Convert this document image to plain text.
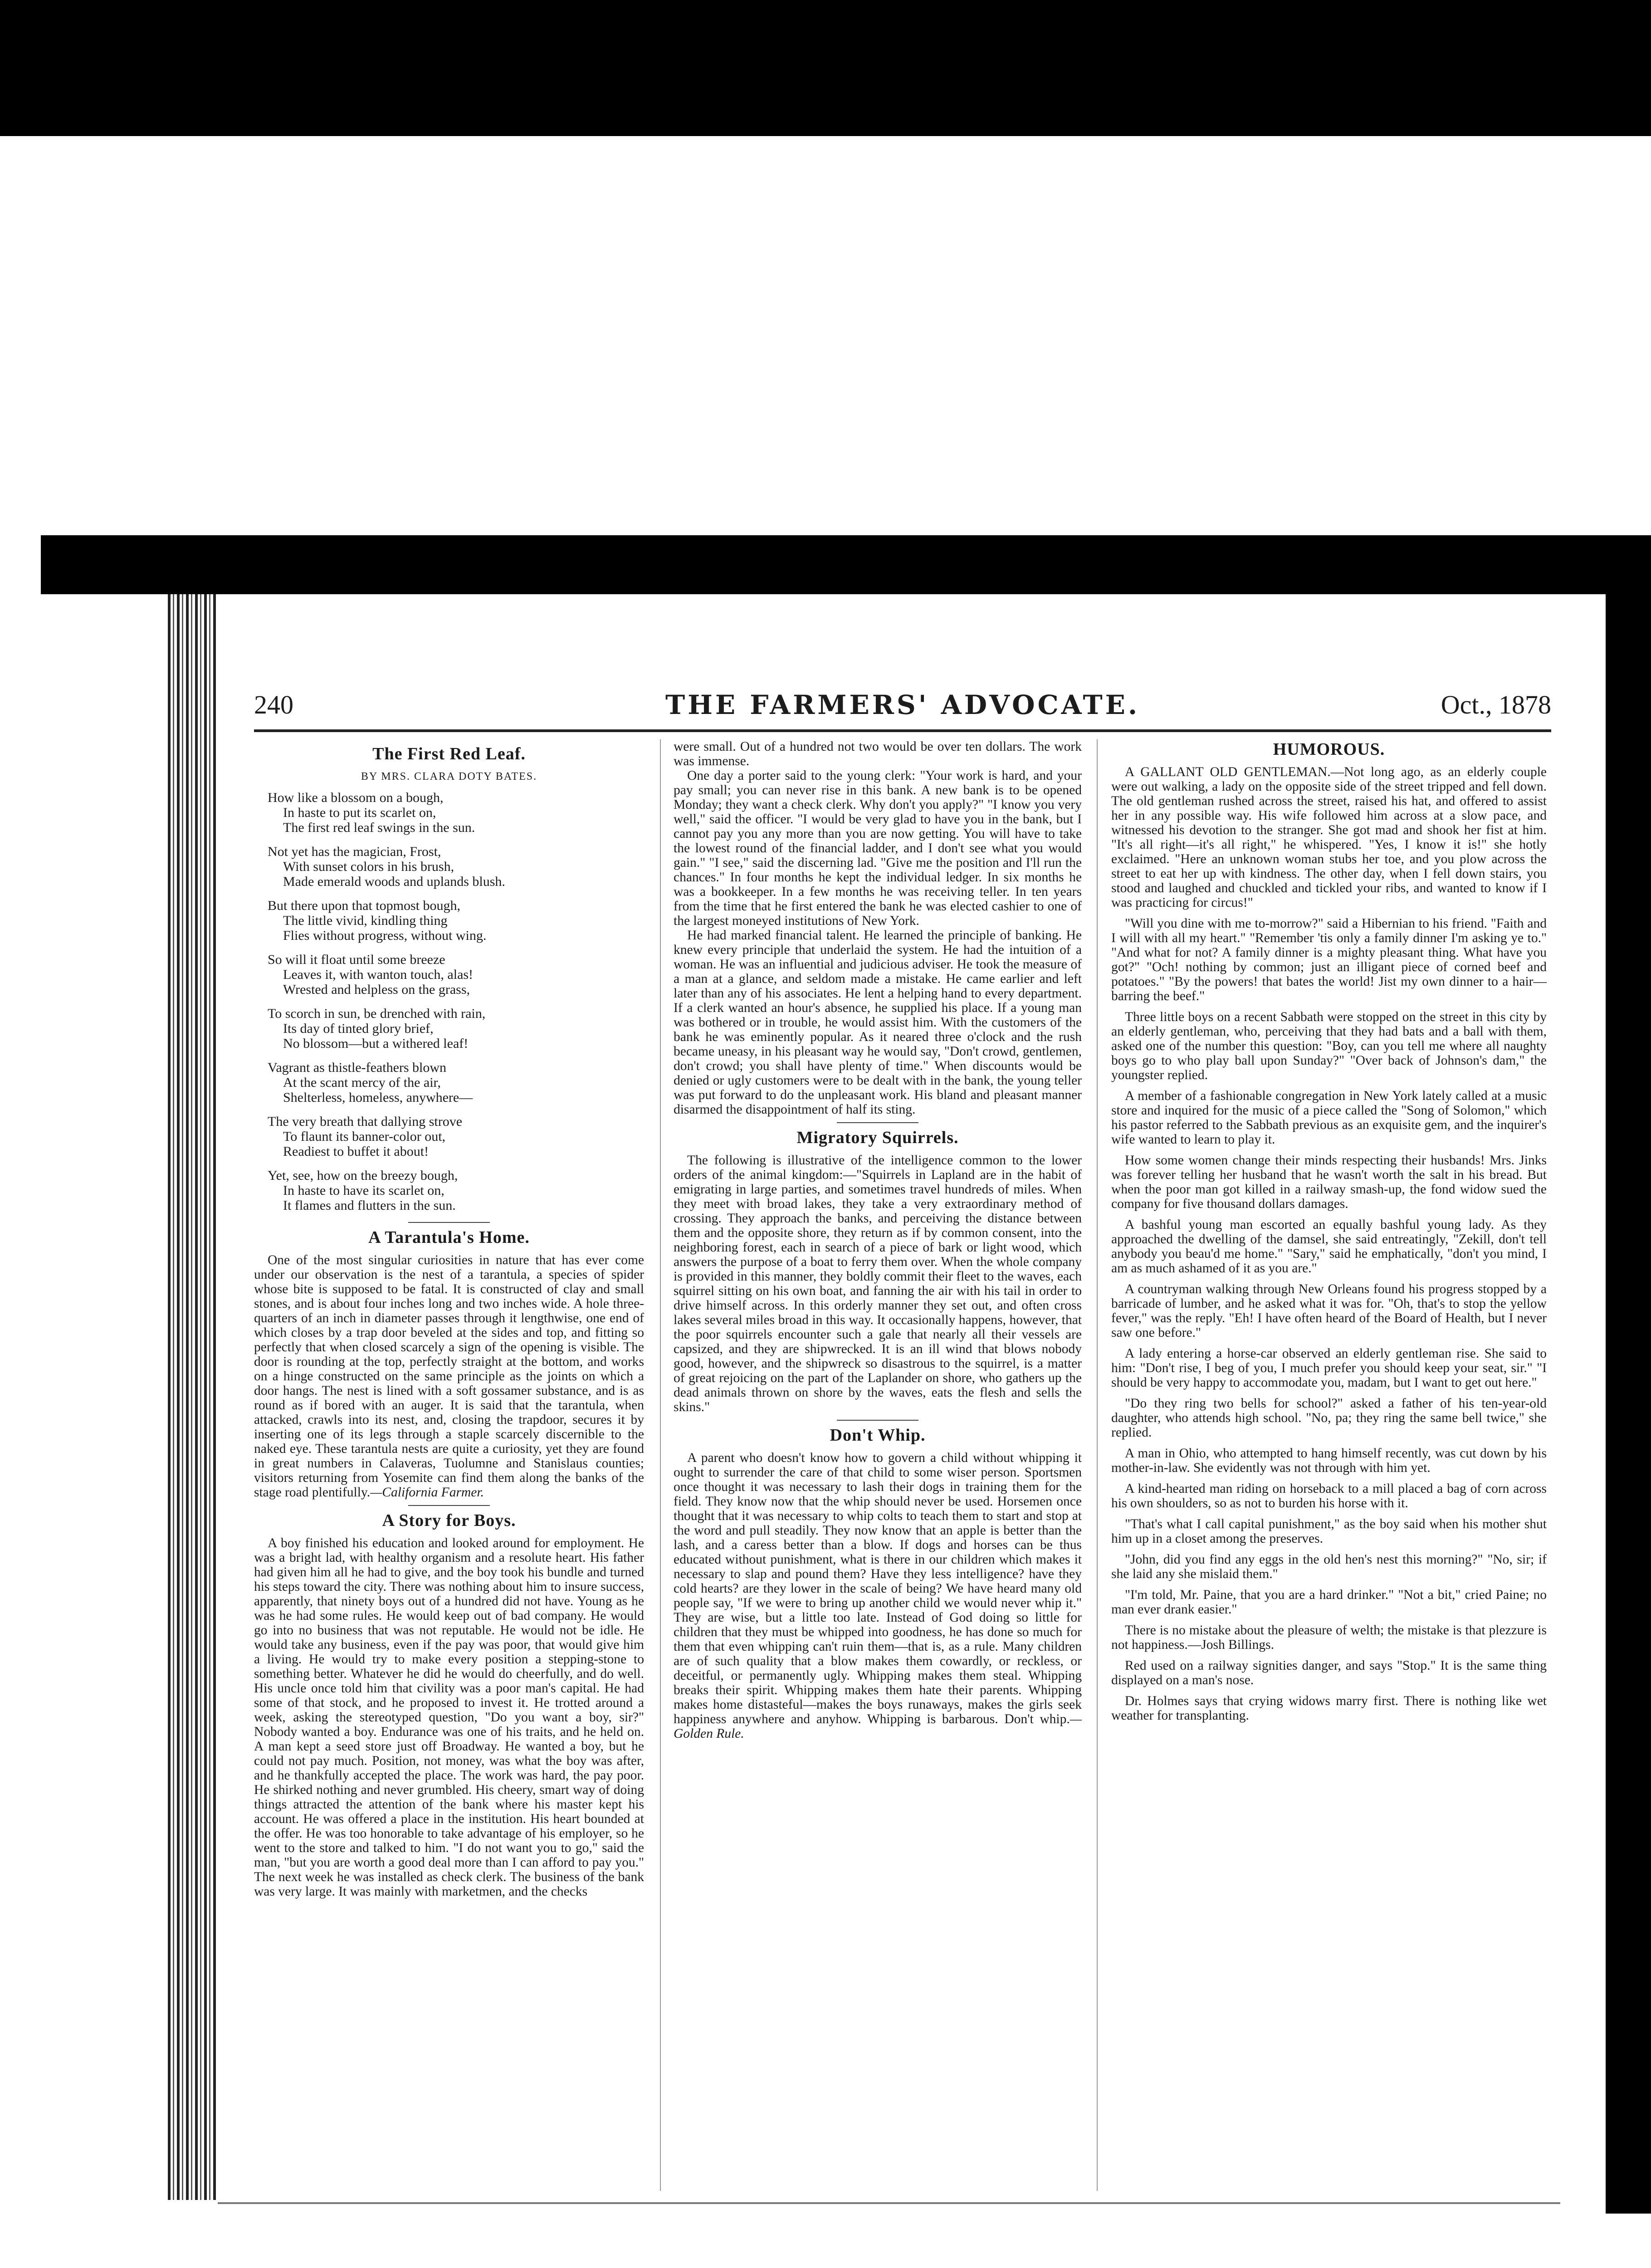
240	THE FARMERS' ADVOCATE.	Oct., 1878
The First Red Leaf.
BY MRS. CLARA DOTY BATES.
How like a blossom on a bough,
In haste to put its scarlet on,
The first red leaf swings in the sun.
Not yet has the magician, Frost,
With sunset colors in his brush,
Made emerald woods and uplands blush.
But there upon that topmost bough,
The little vivid, kindling thing
Flies without progress, without wing.
So will it float until some breeze
Leaves it, with wanton touch, alas!
Wrested and helpless on the grass,
To scorch in sun, be drenched with rain,
Its day of tinted glory brief,
No blossom—but a withered leaf!
Vagrant as thistle-feathers blown
At the scant mercy of the air,
Shelterless, homeless, anywhere—
The very breath that dallying strove
To flaunt its banner-color out,
Readiest to buffet it about!
Yet, see, how on the breezy bough,
In haste to have its scarlet on,
It flames and flutters in the sun.
A Tarantula's Home.

One of the most singular curiosities in nature that has ever come under our observation is the nest of a tarantula, a species of spider whose bite is supposed to be fatal. It is constructed of clay and small stones, and is about four inches long and two inches wide. A hole three-quarters of an inch in diameter passes through it lengthwise, one end of which closes by a trap door beveled at the sides and top, and fitting so perfectly that when closed scarcely a sign of the opening is visible. The door is rounding at the top, perfectly straight at the bottom, and works on a hinge constructed on the same principle as the joints on which a door hangs. The nest is lined with a soft gossamer substance, and is as round as if bored with an auger. It is said that the tarantula, when attacked, crawls into its nest, and, closing the trapdoor, secures it by inserting one of its legs through a staple scarcely discernible to the naked eye. These tarantula nests are quite a curiosity, yet they are found in great numbers in Calaveras, Tuolumne and Stanislaus counties; visitors returning from Yosemite can find them along the banks of the stage road plentifully.—California Farmer.

A Story for Boys.

A boy finished his education and looked around for employment. He was a bright lad, with healthy organism and a resolute heart. His father had given him all he had to give, and the boy took his bundle and turned his steps toward the city. There was nothing about him to insure success, apparently, that ninety boys out of a hundred did not have. Young as he was he had some rules. He would keep out of bad company. He would go into no business that was not reputable. He would not be idle. He would take any business, even if the pay was poor, that would give him a living. He would try to make every position a stepping-stone to something better. Whatever he did he would do cheerfully, and do well. His uncle once told him that civility was a poor man's capital. He had some of that stock, and he proposed to invest it. He trotted around a week, asking the stereotyped question, "Do you want a boy, sir?" Nobody wanted a boy. Endurance was one of his traits, and he held on. A man kept a seed store just off Broadway. He wanted a boy, but he could not pay much. Position, not money, was what the boy was after, and he thankfully accepted the place. The work was hard, the pay poor. He shirked nothing and never grumbled. His cheery, smart way of doing things attracted the attention of the bank where his master kept his account. He was offered a place in the institution. His heart bounded at the offer. He was too honorable to take advantage of his employer, so he went to the store and talked to him. "I do not want you to go," said the man, "but you are worth a good deal more than I can afford to pay you." The next week he was installed as check clerk. The business of the bank was very large. It was mainly with marketmen, and the checks

were small. Out of a hundred not two would be over ten dollars. The work was immense.

One day a porter said to the young clerk: "Your work is hard, and your pay small; you can never rise in this bank. A new bank is to be opened Monday; they want a check clerk. Why don't you apply?" "I know you very well," said the officer. "I would be very glad to have you in the bank, but I cannot pay you any more than you are now getting. You will have to take the lowest round of the financial ladder, and I don't see what you would gain." "I see," said the discerning lad. "Give me the position and I'll run the chances." In four months he kept the individual ledger. In six months he was a bookkeeper. In a few months he was receiving teller. In ten years from the time that he first entered the bank he was elected cashier to one of the largest moneyed institutions of New York.

He had marked financial talent. He learned the principle of banking. He knew every principle that underlaid the system. He had the intuition of a woman. He was an influential and judicious adviser. He took the measure of a man at a glance, and seldom made a mistake. He came earlier and left later than any of his associates. He lent a helping hand to every department. If a clerk wanted an hour's absence, he supplied his place. If a young man was bothered or in trouble, he would assist him. With the customers of the bank he was eminently popular. As it neared three o'clock and the rush became uneasy, in his pleasant way he would say, "Don't crowd, gentlemen, don't crowd; you shall have plenty of time." When discounts would be denied or ugly customers were to be dealt with in the bank, the young teller was put forward to do the unpleasant work. His bland and pleasant manner disarmed the disappointment of half its sting.

Migratory Squirrels.

The following is illustrative of the intelligence common to the lower orders of the animal kingdom:—"Squirrels in Lapland are in the habit of emigrating in large parties, and sometimes travel hundreds of miles. When they meet with broad lakes, they take a very extraordinary method of crossing. They approach the banks, and perceiving the distance between them and the opposite shore, they return as if by common consent, into the neighboring forest, each in search of a piece of bark or light wood, which answers the purpose of a boat to ferry them over. When the whole company is provided in this manner, they boldly commit their fleet to the waves, each squirrel sitting on his own boat, and fanning the air with his tail in order to drive himself across. In this orderly manner they set out, and often cross lakes several miles broad in this way. It occasionally happens, however, that the poor squirrels encounter such a gale that nearly all their vessels are capsized, and they are shipwrecked. It is an ill wind that blows nobody good, however, and the shipwreck so disastrous to the squirrel, is a matter of great rejoicing on the part of the Laplander on shore, who gathers up the dead animals thrown on shore by the waves, eats the flesh and sells the skins."

Don't Whip.

A parent who doesn't know how to govern a child without whipping it ought to surrender the care of that child to some wiser person. Sportsmen once thought it was necessary to lash their dogs in training them for the field. They know now that the whip should never be used. Horsemen once thought that it was necessary to whip colts to teach them to start and stop at the word and pull steadily. They now know that an apple is better than the lash, and a caress better than a blow. If dogs and horses can be thus educated without punishment, what is there in our children which makes it necessary to slap and pound them? Have they less intelligence? have they cold hearts? are they lower in the scale of being? We have heard many old people say, "If we were to bring up another child we would never whip it." They are wise, but a little too late. Instead of God doing so little for children that they must be whipped into goodness, he has done so much for them that even whipping can't ruin them—that is, as a rule. Many children are of such quality that a blow makes them cowardly, or reckless, or deceitful, or permanently ugly. Whipping makes them steal. Whipping breaks their spirit. Whipping makes them hate their parents. Whipping makes home distasteful—makes the boys runaways, makes the girls seek happiness anywhere and anyhow. Whipping is barbarous. Don't whip.—Golden Rule.

HUMOROUS.

A GALLANT OLD GENTLEMAN.—Not long ago, as an elderly couple were out walking, a lady on the opposite side of the street tripped and fell down. The old gentleman rushed across the street, raised his hat, and offered to assist her in any possible way. His wife followed him across at a slow pace, and witnessed his devotion to the stranger. She got mad and shook her fist at him. "It's all right—it's all right," he whispered. "Yes, I know it is!" she hotly exclaimed. "Here an unknown woman stubs her toe, and you plow across the street to eat her up with kindness. The other day, when I fell down stairs, you stood and laughed and chuckled and tickled your ribs, and wanted to know if I was practicing for circus!"

"Will you dine with me to-morrow?" said a Hibernian to his friend. "Faith and I will with all my heart." "Remember 'tis only a family dinner I'm asking ye to." "And what for not? A family dinner is a mighty pleasant thing. What have you got?" "Och! nothing by common; just an illigant piece of corned beef and potatoes." "By the powers! that bates the world! Jist my own dinner to a hair—barring the beef."

Three little boys on a recent Sabbath were stopped on the street in this city by an elderly gentleman, who, perceiving that they had bats and a ball with them, asked one of the number this question: "Boy, can you tell me where all naughty boys go to who play ball upon Sunday?" "Over back of Johnson's dam," the youngster replied.

A member of a fashionable congregation in New York lately called at a music store and inquired for the music of a piece called the "Song of Solomon," which his pastor referred to the Sabbath previous as an exquisite gem, and the inquirer's wife wanted to learn to play it.

How some women change their minds respecting their husbands! Mrs. Jinks was forever telling her husband that he wasn't worth the salt in his bread. But when the poor man got killed in a railway smash-up, the fond widow sued the company for five thousand dollars damages.

A bashful young man escorted an equally bashful young lady. As they approached the dwelling of the damsel, she said entreatingly, "Zekill, don't tell anybody you beau'd me home." "Sary," said he emphatically, "don't you mind, I am as much ashamed of it as you are."

A countryman walking through New Orleans found his progress stopped by a barricade of lumber, and he asked what it was for. "Oh, that's to stop the yellow fever," was the reply. "Eh! I have often heard of the Board of Health, but I never saw one before."

A lady entering a horse-car observed an elderly gentleman rise. She said to him: "Don't rise, I beg of you, I much prefer you should keep your seat, sir." "I should be very happy to accommodate you, madam, but I want to get out here."

"Do they ring two bells for school?" asked a father of his ten-year-old daughter, who attends high school. "No, pa; they ring the same bell twice," she replied.

A man in Ohio, who attempted to hang himself recently, was cut down by his mother-in-law. She evidently was not through with him yet.

A kind-hearted man riding on horseback to a mill placed a bag of corn across his own shoulders, so as not to burden his horse with it.

"That's what I call capital punishment," as the boy said when his mother shut him up in a closet among the preserves.

"John, did you find any eggs in the old hen's nest this morning?" "No, sir; if she laid any she mislaid them."

"I'm told, Mr. Paine, that you are a hard drinker." "Not a bit," cried Paine; no man ever drank easier."

There is no mistake about the pleasure of welth; the mistake is that plezzure is not happiness.—Josh Billings.

Red used on a railway signities danger, and says "Stop." It is the same thing displayed on a man's nose.

Dr. Holmes says that crying widows marry first. There is nothing like wet weather for transplanting.
